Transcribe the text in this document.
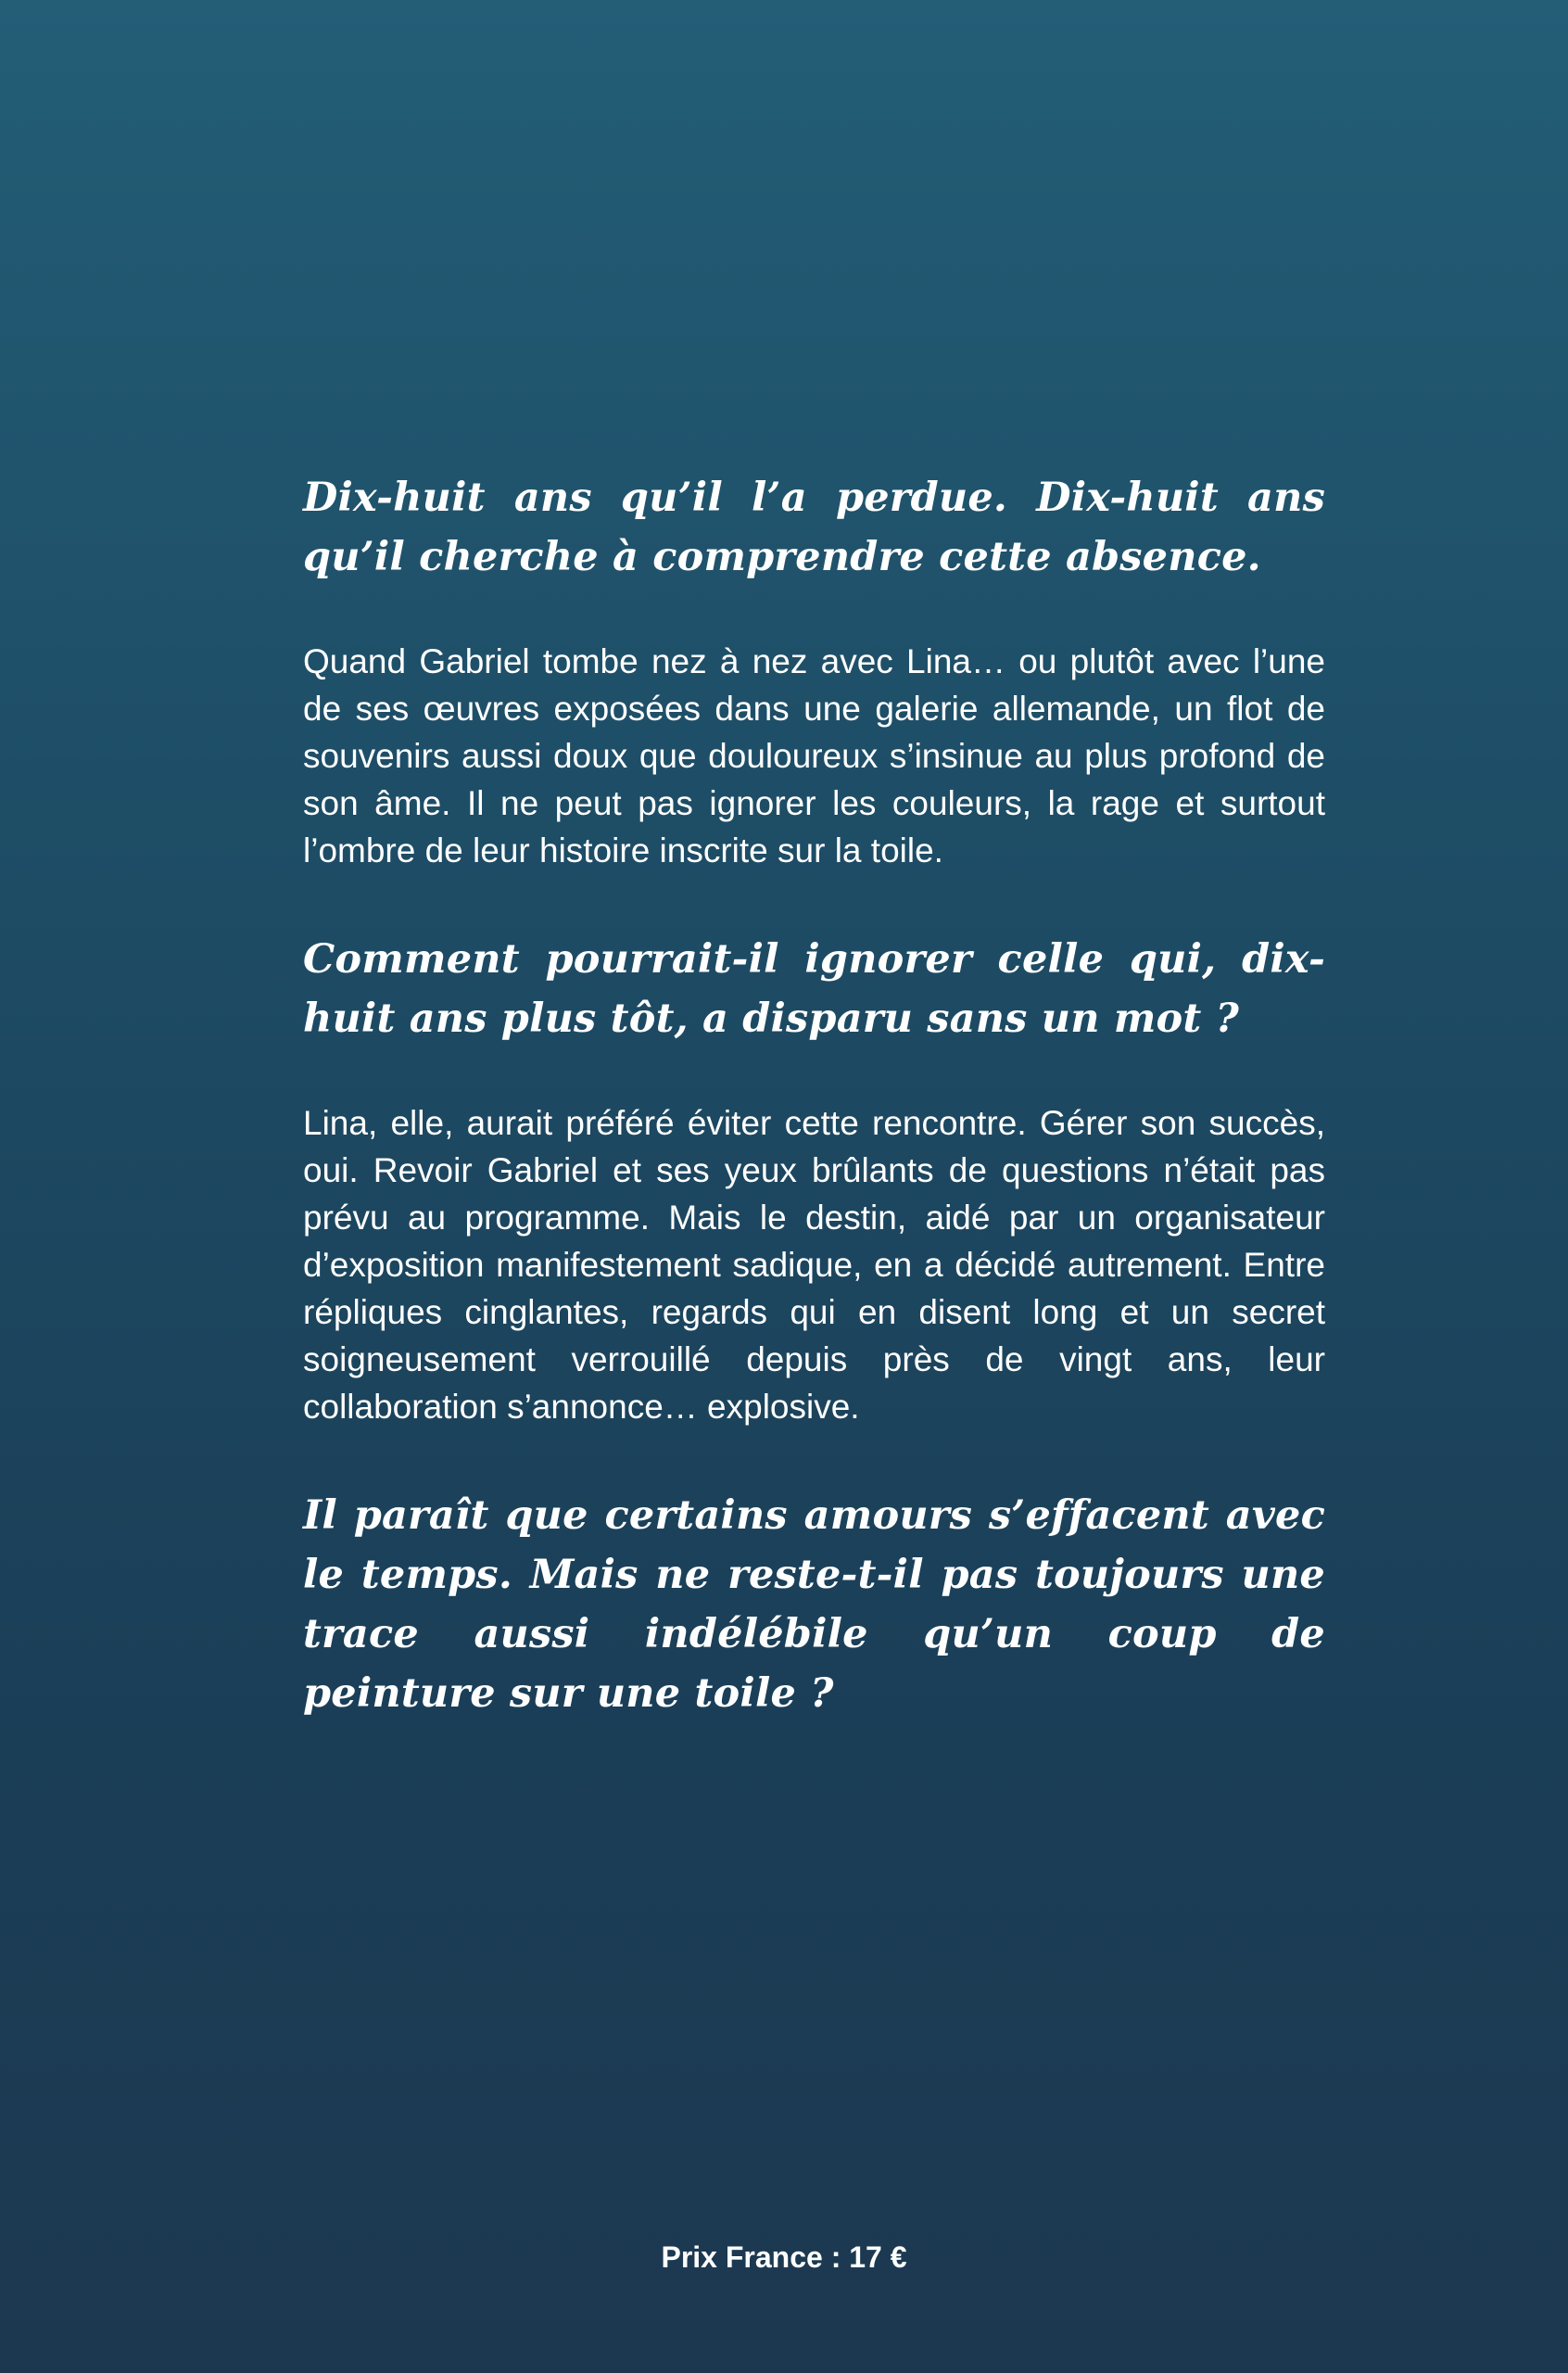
Dix-huit ans qu’il l’a perdue. Dix-huit ans qu’il cherche à comprendre cette absence.

Quand Gabriel tombe nez à nez avec Lina… ou plutôt avec l’une de ses œuvres exposées dans une galerie allemande, un flot de souvenirs aussi doux que douloureux s’insinue au plus profond de son âme. Il ne peut pas ignorer les couleurs, la rage et surtout l’ombre de leur histoire inscrite sur la toile.

Comment pourrait-il ignorer celle qui, dix-huit ans plus tôt, a disparu sans un mot ?

Lina, elle, aurait préféré éviter cette rencontre. Gérer son succès, oui. Revoir Gabriel et ses yeux brûlants de questions n’était pas prévu au programme. Mais le destin, aidé par un organisateur d’exposition manifestement sadique, en a décidé autrement. Entre répliques cinglantes, regards qui en disent long et un secret soigneusement verrouillé depuis près de vingt ans, leur collaboration s’annonce… explosive.

Il paraît que certains amours s’effacent avec le temps. Mais ne reste-t-il pas toujours une trace aussi indélébile qu’un coup de peinture sur une toile ?

Prix France : 17 €
